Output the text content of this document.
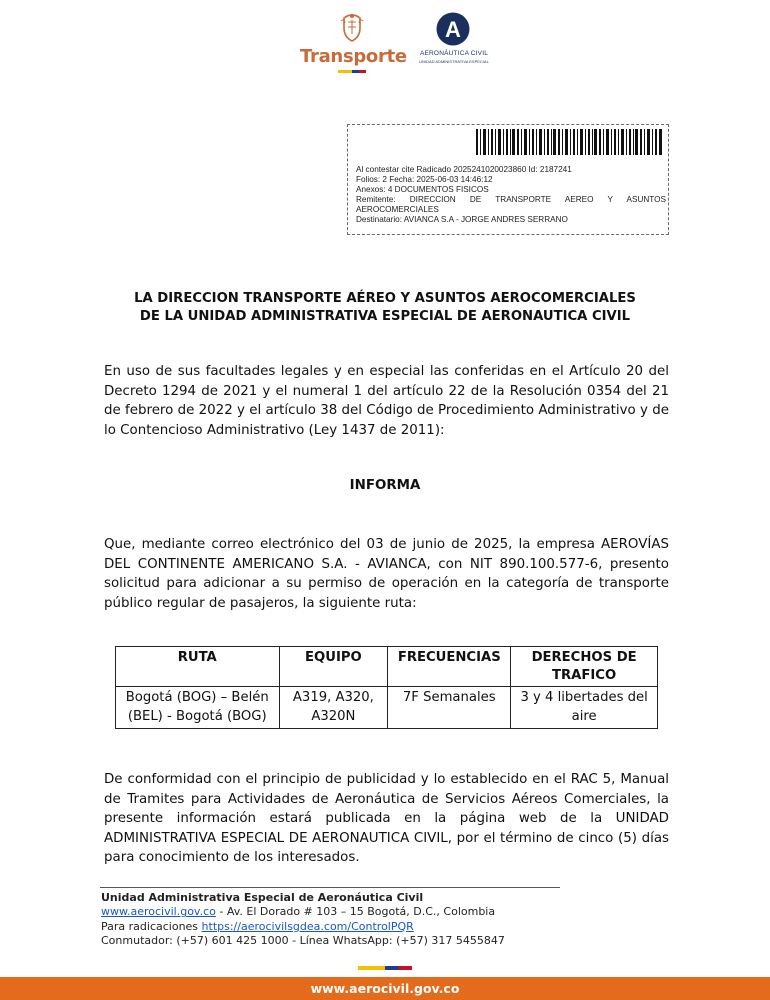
Transporte
A
AERONÁUTICA CIVIL
UNIDAD ADMINISTRATIVA ESPECIAL
Al contestar cite Radicado 2025241020023860 Id: 2187241
Folios: 2 Fecha: 2025-06-03 14:46:12
Anexos: 4 DOCUMENTOS FISICOS
Remitente: DIRECCION DE TRANSPORTE AEREO Y ASUNTOS
AEROCOMERCIALES
Destinatario: AVIANCA S.A - JORGE ANDRES SERRANO
LA DIRECCION TRANSPORTE AÉREO Y ASUNTOS AEROCOMERCIALES
DE LA UNIDAD ADMINISTRATIVA ESPECIAL DE AERONAUTICA CIVIL

En uso de sus facultades legales y en especial las conferidas en el Artículo 20 del Decreto 1294 de 2021 y el numeral 1 del artículo 22 de la Resolución 0354 del 21 de febrero de 2022 y el artículo 38 del Código de Procedimiento Administrativo y de lo Contencioso Administrativo (Ley 1437 de 2011):

INFORMA

Que, mediante correo electrónico del 03 de junio de 2025, la empresa AEROVÍAS DEL CONTINENTE AMERICANO S.A. - AVIANCA, con NIT 890.100.577-6, presento solicitud para adicionar a su permiso de operación en la categoría de transporte público regular de pasajeros, la siguiente ruta:

RUTA	EQUIPO	FRECUENCIAS	DERECHOS DE TRAFICO
Bogotá (BOG) – Belén (BEL) - Bogotá (BOG)	A319, A320, A320N	7F Semanales	3 y 4 libertades del aire

De conformidad con el principio de publicidad y lo establecido en el RAC 5, Manual de Tramites para Actividades de Aeronáutica de Servicios Aéreos Comerciales, la presente información estará publicada en la página web de la UNIDAD ADMINISTRATIVA ESPECIAL DE AERONAUTICA CIVIL, por el término de cinco (5) días para conocimiento de los interesados.

Unidad Administrativa Especial de Aeronáutica Civil
www.aerocivil.gov.co - Av. El Dorado # 103 – 15 Bogotá, D.C., Colombia
Para radicaciones https://aerocivilsgdea.com/ControlPQR
Conmutador: (+57) 601 425 1000 - Línea WhatsApp: (+57) 317 5455847
www.aerocivil.gov.co
